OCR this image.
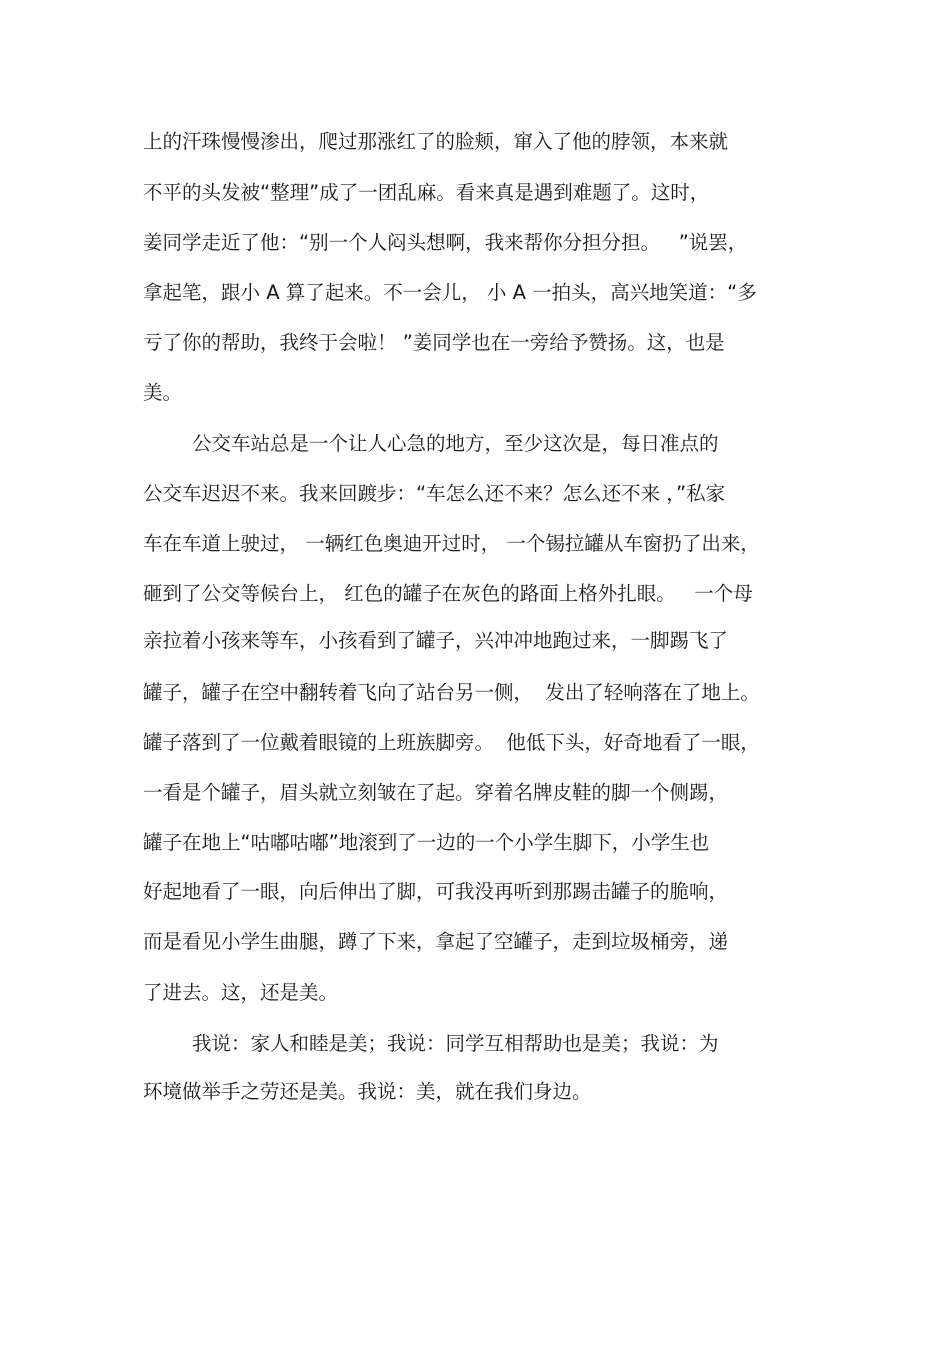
上的汗珠慢慢渗出，爬过那涨红了的脸颊，窜入了他的脖领，本来就
不平的头发被“整理”成了一团乱麻。看来真是遇到难题了。这时，
姜同学走近了他：“别一个人闷头想啊，我来帮你分担分担。   ”说罢，
拿起笔，跟小 A 算了起来。不一会儿， 小 A 一拍头，高兴地笑道：“多
亏了你的帮助，我终于会啦！ ”姜同学也在一旁给予赞扬。这，也是
美。
公交车站总是一个让人心急的地方，至少这次是，每日准点的
公交车迟迟不来。我来回踱步：“车怎么还不来？怎么还不来 ，”私家
车在车道上驶过， 一辆红色奥迪开过时， 一个锡拉罐从车窗扔了出来，
砸到了公交等候台上， 红色的罐子在灰色的路面上格外扎眼。   一个母
亲拉着小孩来等车，小孩看到了罐子，兴冲冲地跑过来，一脚踢飞了
罐子，罐子在空中翻转着飞向了站台另一侧，  发出了轻响落在了地上。
罐子落到了一位戴着眼镜的上班族脚旁。  他低下头，好奇地看了一眼，
一看是个罐子，眉头就立刻皱在了起。穿着名牌皮鞋的脚一个侧踢，
罐子在地上“咕嘟咕嘟”地滚到了一边的一个小学生脚下，小学生也
好起地看了一眼，向后伸出了脚，可我没再听到那踢击罐子的脆响，
而是看见小学生曲腿，蹲了下来，拿起了空罐子，走到垃圾桶旁，递
了进去。这，还是美。
我说：家人和睦是美；我说：同学互相帮助也是美；我说：为
环境做举手之劳还是美。我说：美，就在我们身边。
